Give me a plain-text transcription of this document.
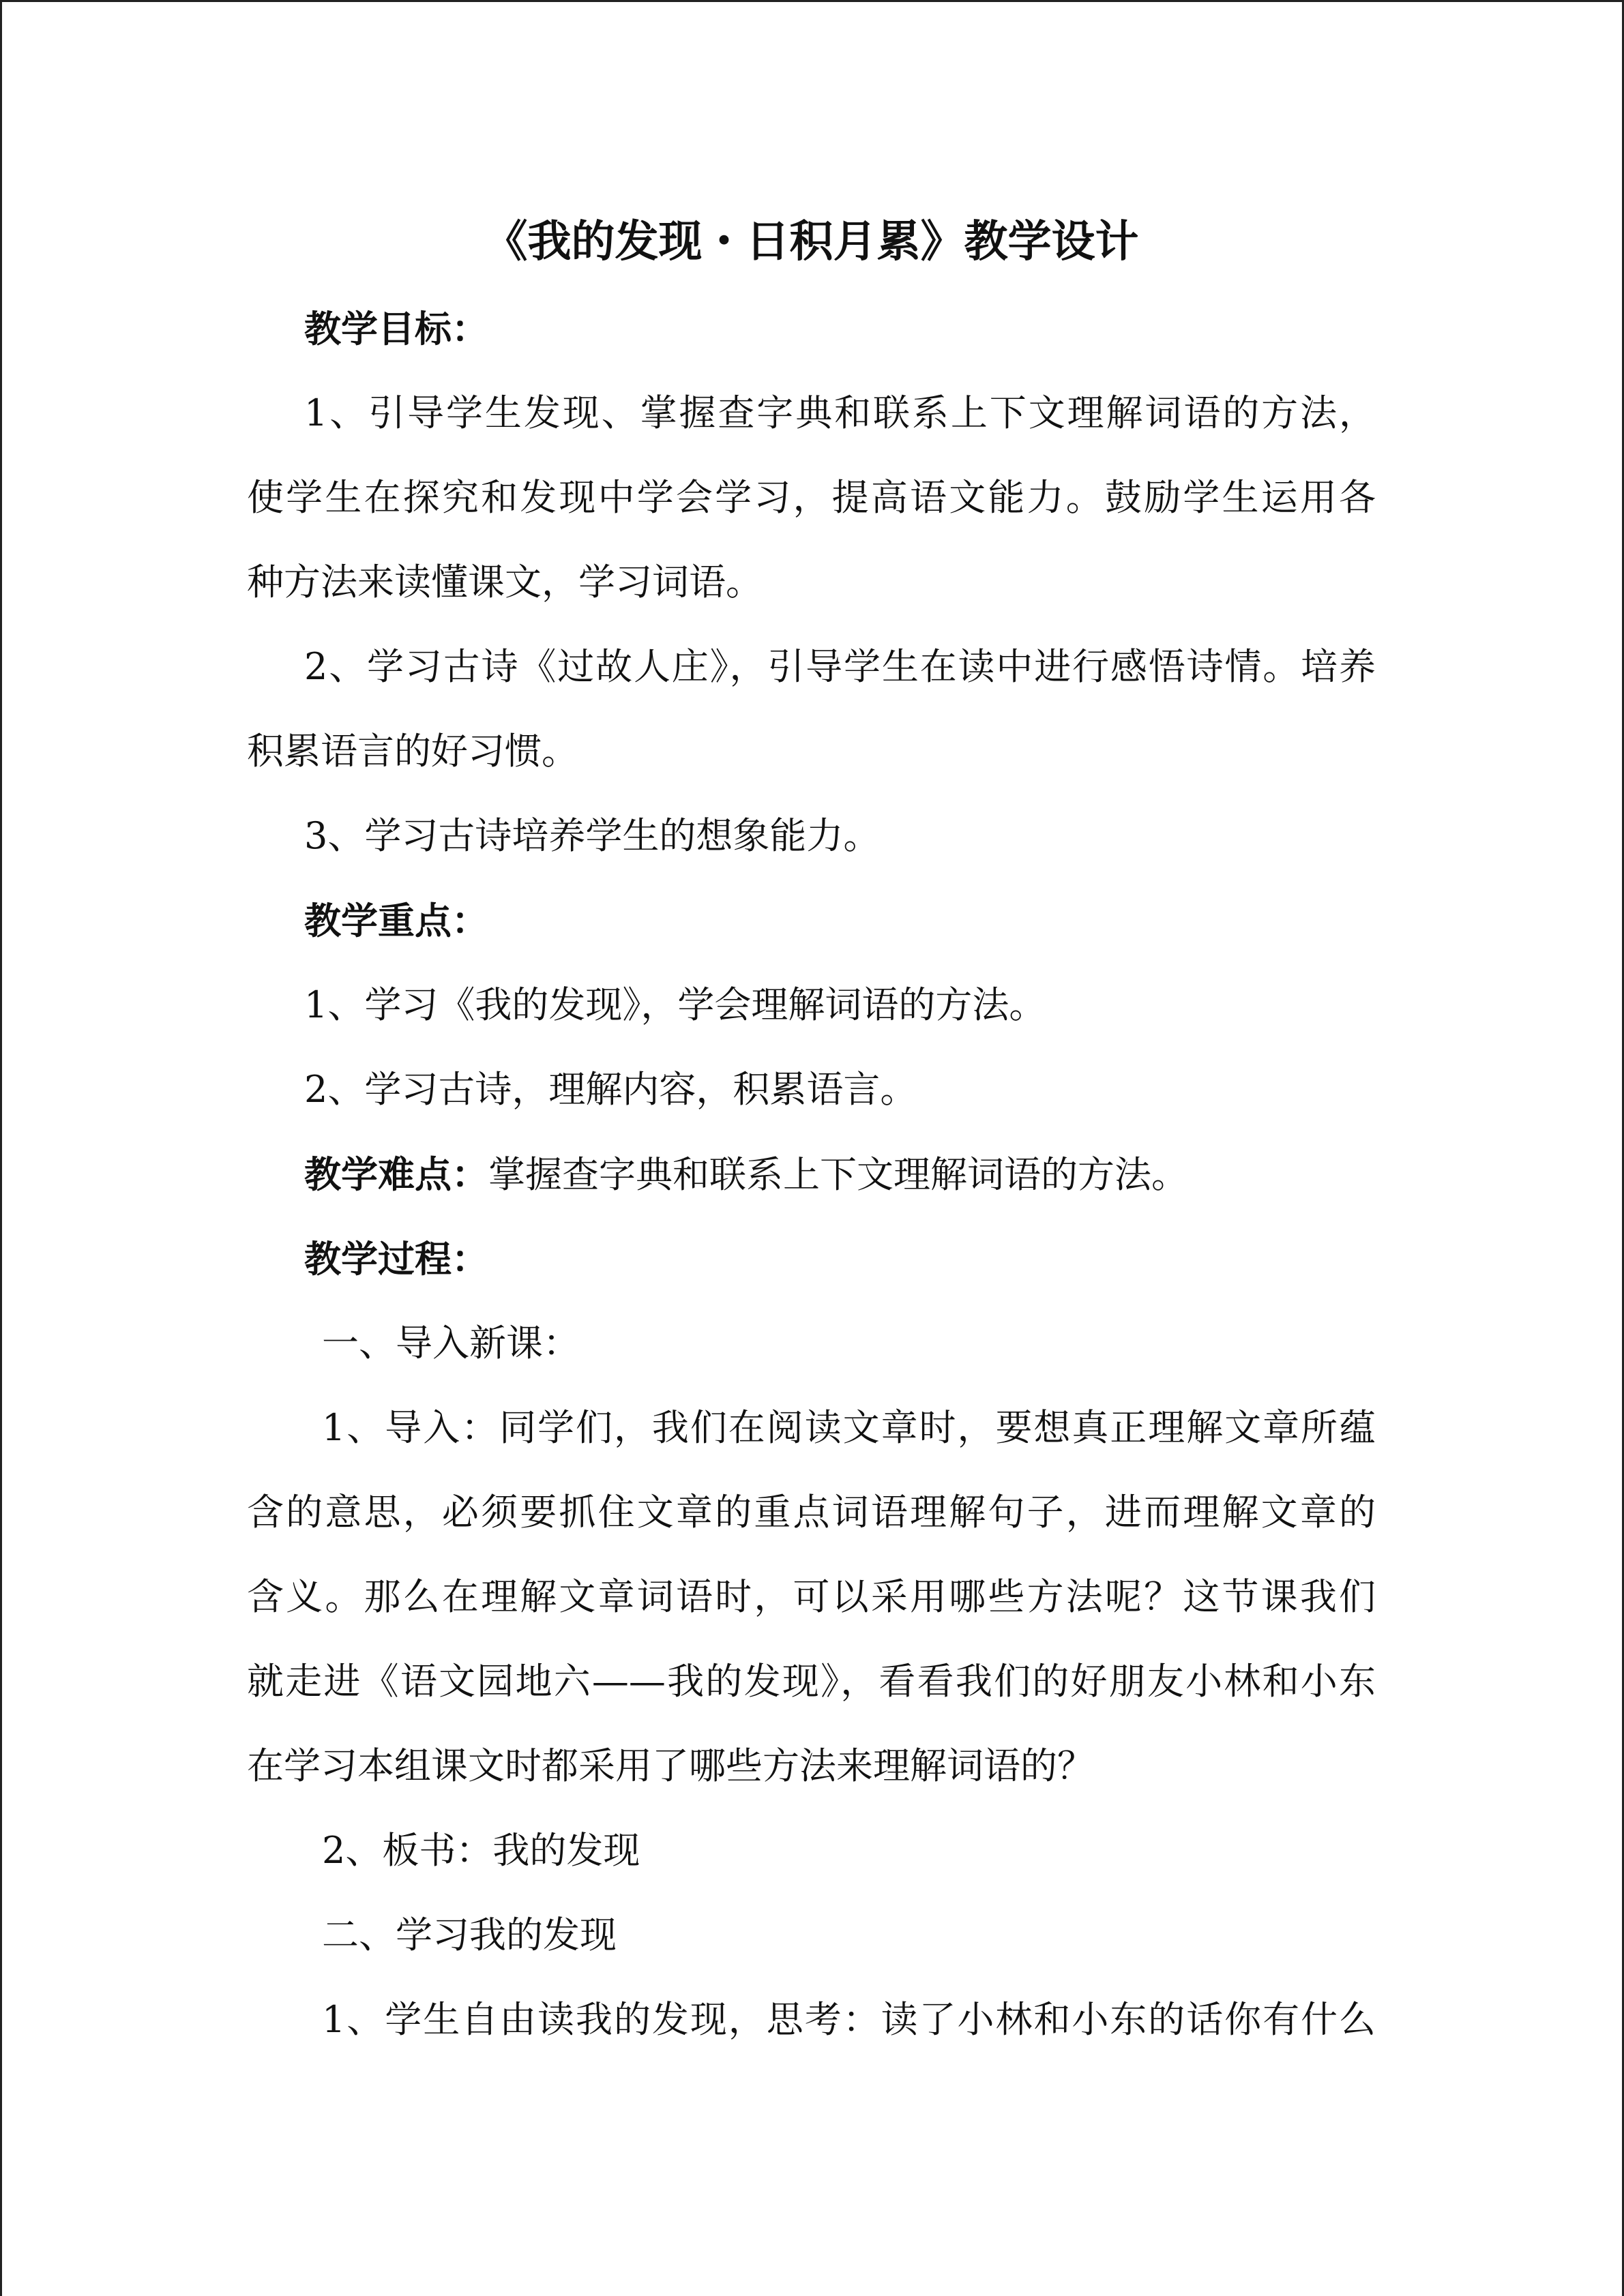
《我的发现・日积月累》教学设计
教学目标：
1、引导学生发现、掌握查字典和联系上下文理解词语的方法，
使学生在探究和发现中学会学习，提高语文能力。鼓励学生运用各
种方法来读懂课文，学习词语。
2、学习古诗《过故人庄》，引导学生在读中进行感悟诗情。培养
积累语言的好习惯。
3、学习古诗培养学生的想象能力。
教学重点：
1、学习《我的发现》，学会理解词语的方法。
2、学习古诗，理解内容，积累语言。
教学难点：掌握查字典和联系上下文理解词语的方法。
教学过程：
一、导入新课：
1、导入：同学们，我们在阅读文章时，要想真正理解文章所蕴
含的意思，必须要抓住文章的重点词语理解句子，进而理解文章的
含义。那么在理解文章词语时，可以采用哪些方法呢？这节课我们
就走进《语文园地六——我的发现》，看看我们的好朋友小林和小东
在学习本组课文时都采用了哪些方法来理解词语的？
2、板书：我的发现
二、学习我的发现
1、学生自由读我的发现，思考：读了小林和小东的话你有什么
